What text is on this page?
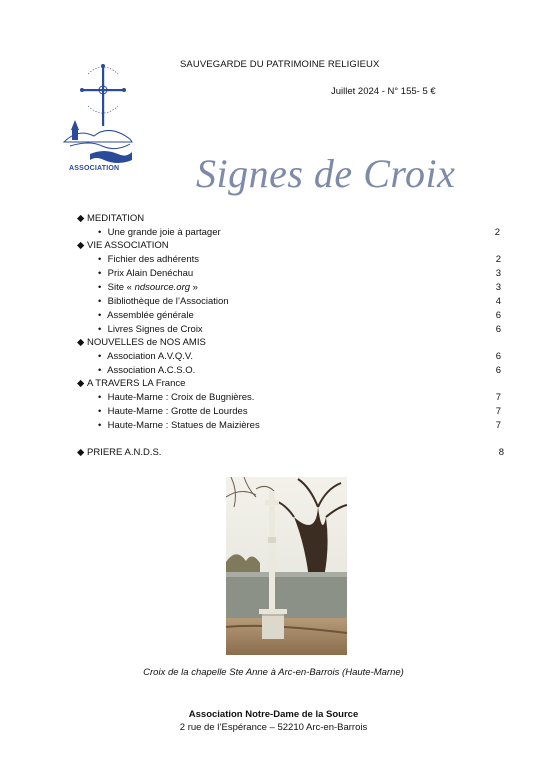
SAUVEGARDE DU PATRIMOINE RELIGIEUX
Juillet 2024 - N° 155- 5 €
ASSOCIATION Signes de Croix
◆ MEDITATION
• Une grande joie à partager	2
◆ VIE ASSOCIATION
• Fichier des adhérents	2
• Prix Alain Denéchau	3
• Site « ndsource.org »	3
• Bibliothèque de l’Association	4
• Assemblée générale	6
• Livres Signes de Croix	6
◆ NOUVELLES de NOS AMIS
• Association A.V.Q.V.	6
• Association A.C.S.O.	6
◆ A TRAVERS LA France
• Haute-Marne : Croix de Bugnières.	7
• Haute-Marne : Grotte de Lourdes	7
• Haute-Marne : Statues de Maizières	7
◆ PRIERE A.N.D.S.	8
Croix de la chapelle Ste Anne à Arc-en-Barrois (Haute-Marne)
Association Notre-Dame de la Source
2 rue de l’Espérance – 52210 Arc-en-Barrois
